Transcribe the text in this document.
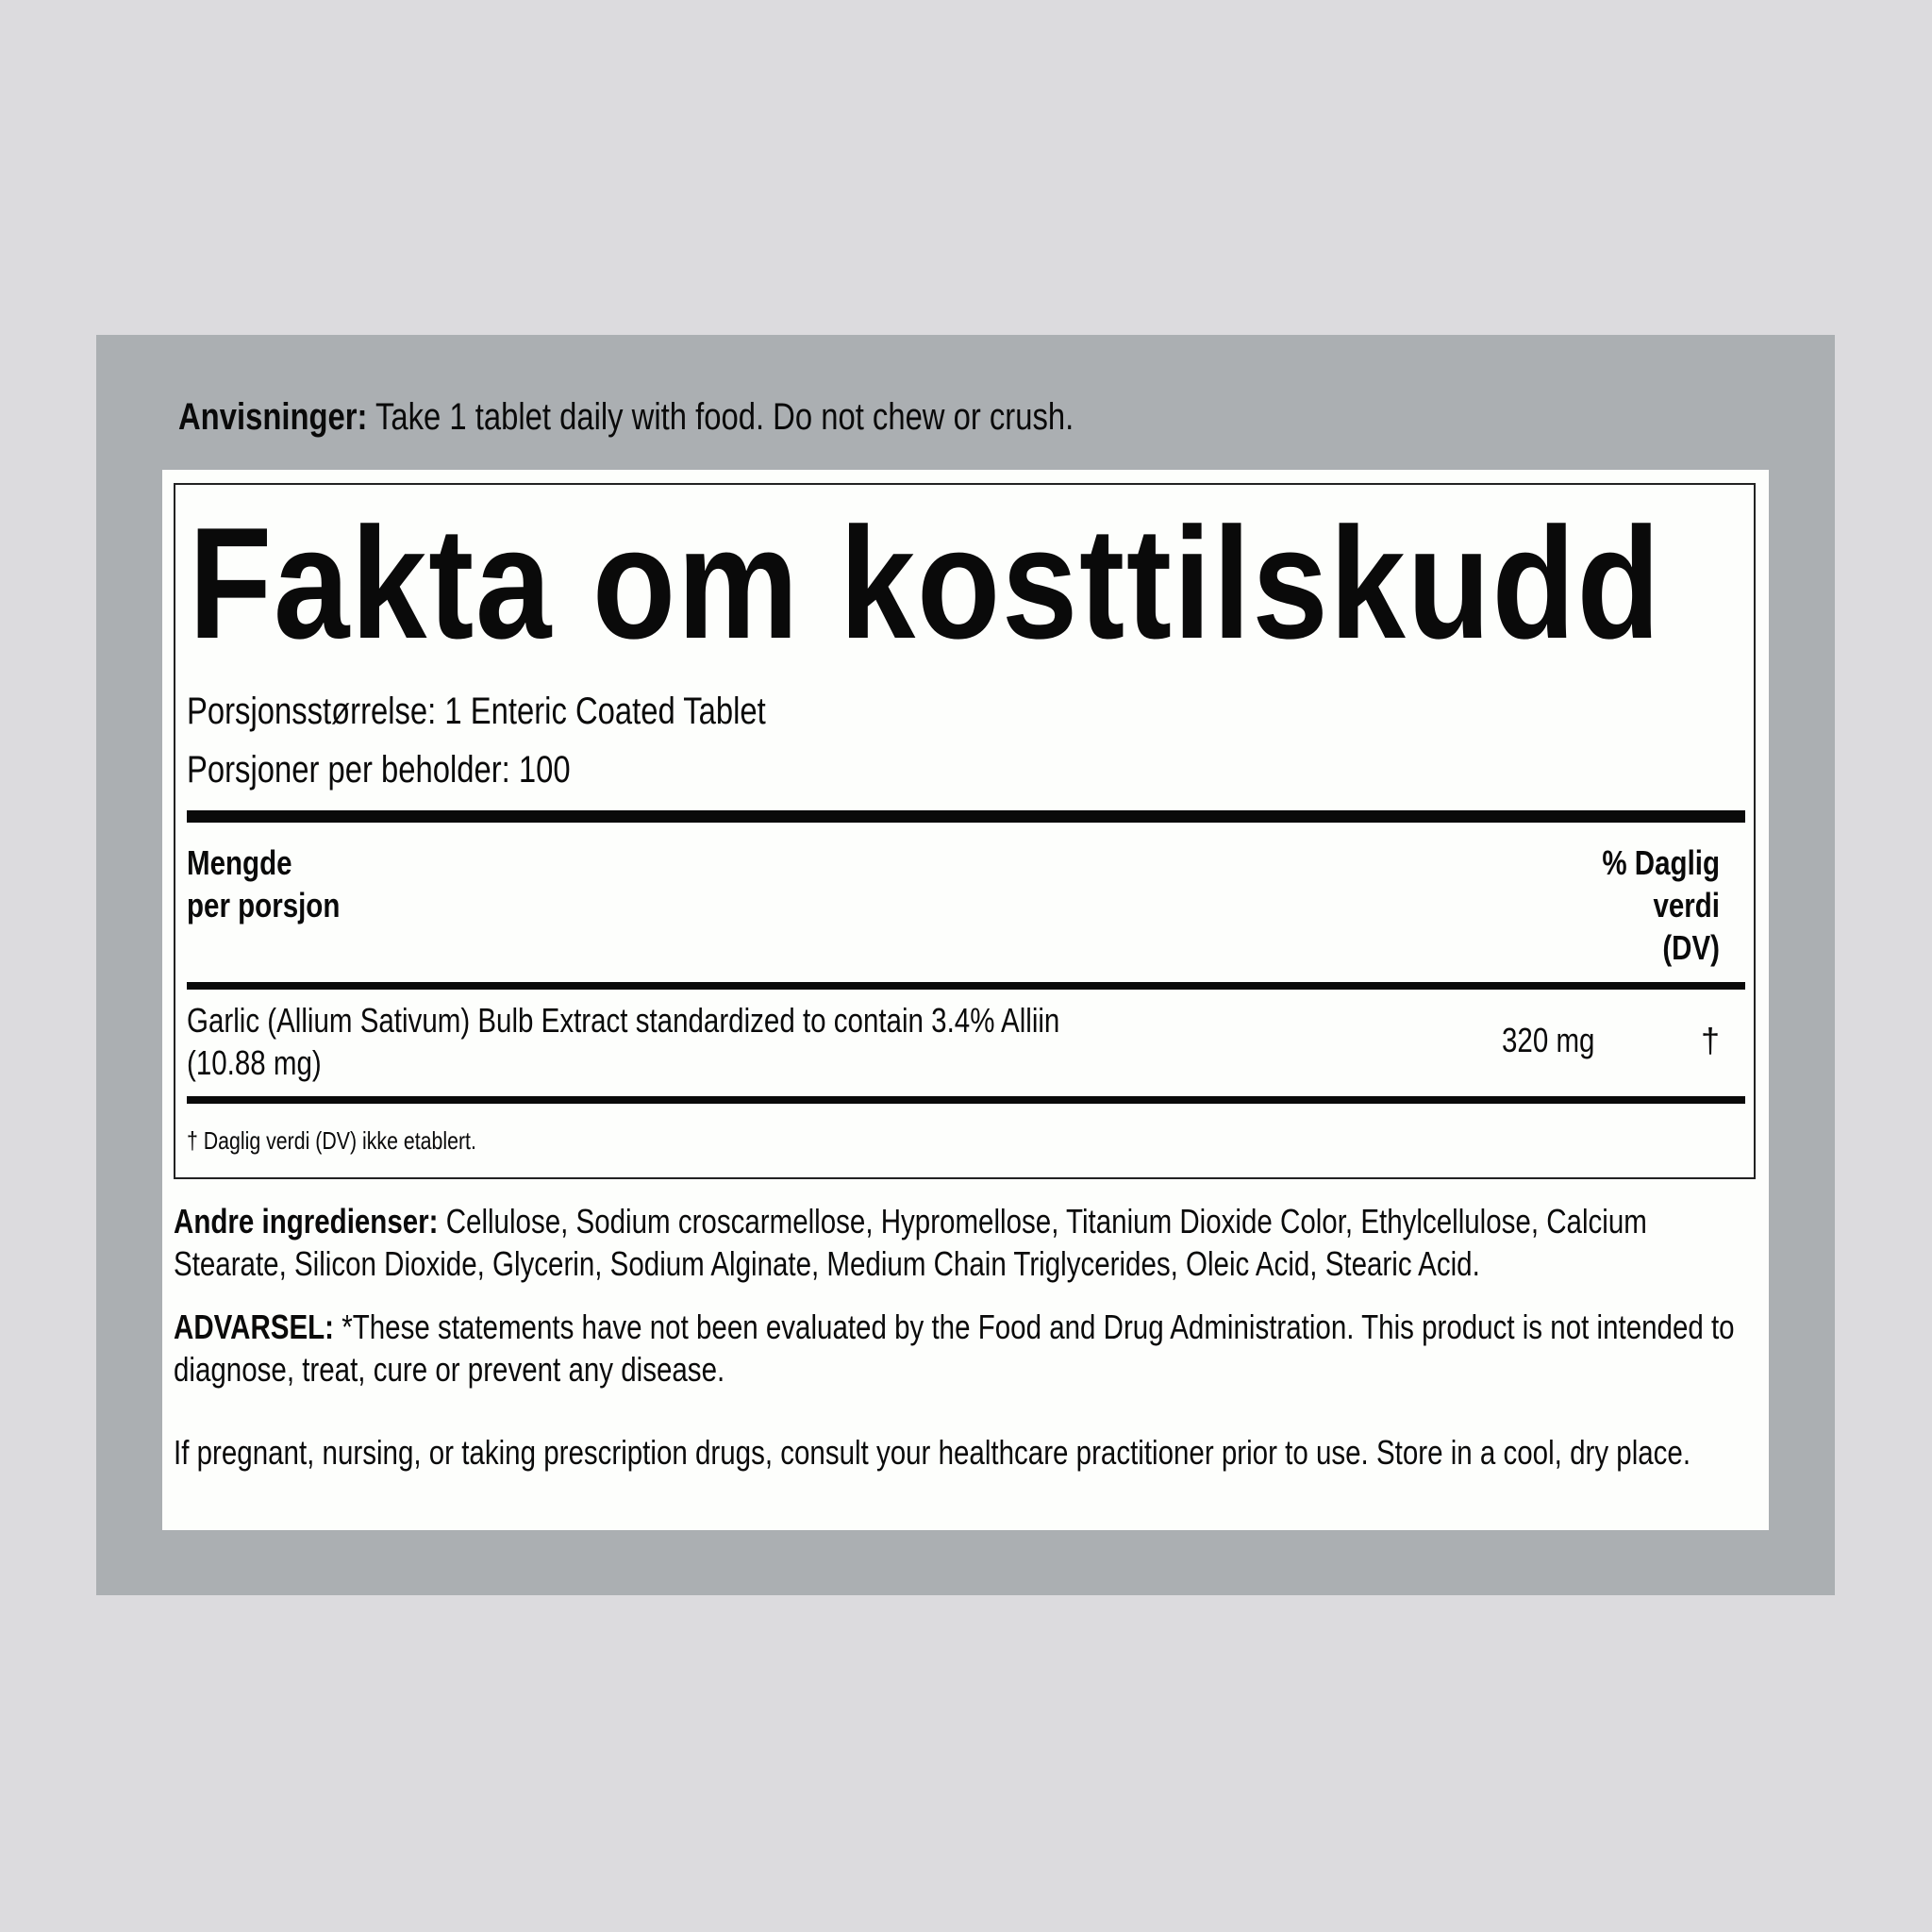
Anvisninger: Take 1 tablet daily with food. Do not chew or crush.
Fakta om kosttilskudd
Porsjonsstørrelse: 1 Enteric Coated Tablet
Porsjoner per beholder: 100
Mengde
per porsjon
% Daglig
verdi
(DV)
Garlic (Allium Sativum) Bulb Extract standardized to contain 3.4% Alliin (10.88 mg)
320 mg	†
† Daglig verdi (DV) ikke etablert.
Andre ingredienser: Cellulose, Sodium croscarmellose, Hypromellose, Titanium Dioxide Color, Ethylcellulose, Calcium Stearate, Silicon Dioxide, Glycerin, Sodium Alginate, Medium Chain Triglycerides, Oleic Acid, Stearic Acid.
ADVARSEL: *These statements have not been evaluated by the Food and Drug Administration. This product is not intended to diagnose, treat, cure or prevent any disease.
If pregnant, nursing, or taking prescription drugs, consult your healthcare practitioner prior to use. Store in a cool, dry place.
